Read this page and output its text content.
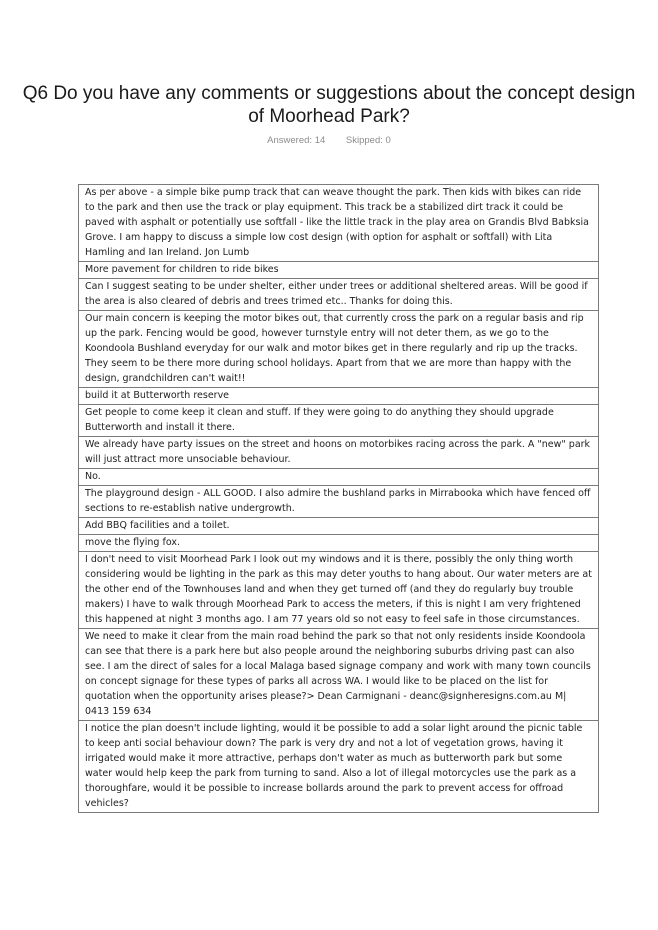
Q6 Do you have any comments or suggestions about the concept design of Moorhead Park?
Answered: 14 Skipped: 0
As per above - a simple bike pump track that can weave thought the park. Then kids with bikes can ride to the park and then use the track or play equipment. This track be a stabilized dirt track it could be paved with asphalt or potentially use softfall - like the little track in the play area on Grandis Blvd Babksia Grove. I am happy to discuss a simple low cost design (with option for asphalt or softfall) with Lita Hamling and Ian Ireland. Jon Lumb
More pavement for children to ride bikes
Can I suggest seating to be under shelter, either under trees or additional sheltered areas. Will be good if the area is also cleared of debris and trees trimed etc.. Thanks for doing this.
Our main concern is keeping the motor bikes out, that currently cross the park on a regular basis and rip up the park. Fencing would be good, however turnstyle entry will not deter them, as we go to the Koondoola Bushland everyday for our walk and motor bikes get in there regularly and rip up the tracks. They seem to be there more during school holidays. Apart from that we are more than happy with the design, grandchildren can't wait!!
build it at Butterworth reserve
Get people to come keep it clean and stuff. If they were going to do anything they should upgrade Butterworth and install it there.
We already have party issues on the street and hoons on motorbikes racing across the park. A "new" park will just attract more unsociable behaviour.
No.
The playground design - ALL GOOD. I also admire the bushland parks in Mirrabooka which have fenced off sections to re-establish native undergrowth.
Add BBQ facilities and a toilet.
move the flying fox.
I don't need to visit Moorhead Park I look out my windows and it is there, possibly the only thing worth considering would be lighting in the park as this may deter youths to hang about. Our water meters are at the other end of the Townhouses land and when they get turned off (and they do regularly buy trouble makers) I have to walk through Moorhead Park to access the meters, if this is night I am very frightened this happened at night 3 months ago. I am 77 years old so not easy to feel safe in those circumstances.
We need to make it clear from the main road behind the park so that not only residents inside Koondoola can see that there is a park here but also people around the neighboring suburbs driving past can also see. I am the direct of sales for a local Malaga based signage company and work with many town councils on concept signage for these types of parks all across WA. I would like to be placed on the list for quotation when the opportunity arises please?> Dean Carmignani - deanc@signheresigns.com.au M| 0413 159 634
I notice the plan doesn't include lighting, would it be possible to add a solar light around the picnic table to keep anti social behaviour down? The park is very dry and not a lot of vegetation grows, having it irrigated would make it more attractive, perhaps don't water as much as butterworth park but some water would help keep the park from turning to sand. Also a lot of illegal motorcycles use the park as a thoroughfare, would it be possible to increase bollards around the park to prevent access for offroad vehicles?
